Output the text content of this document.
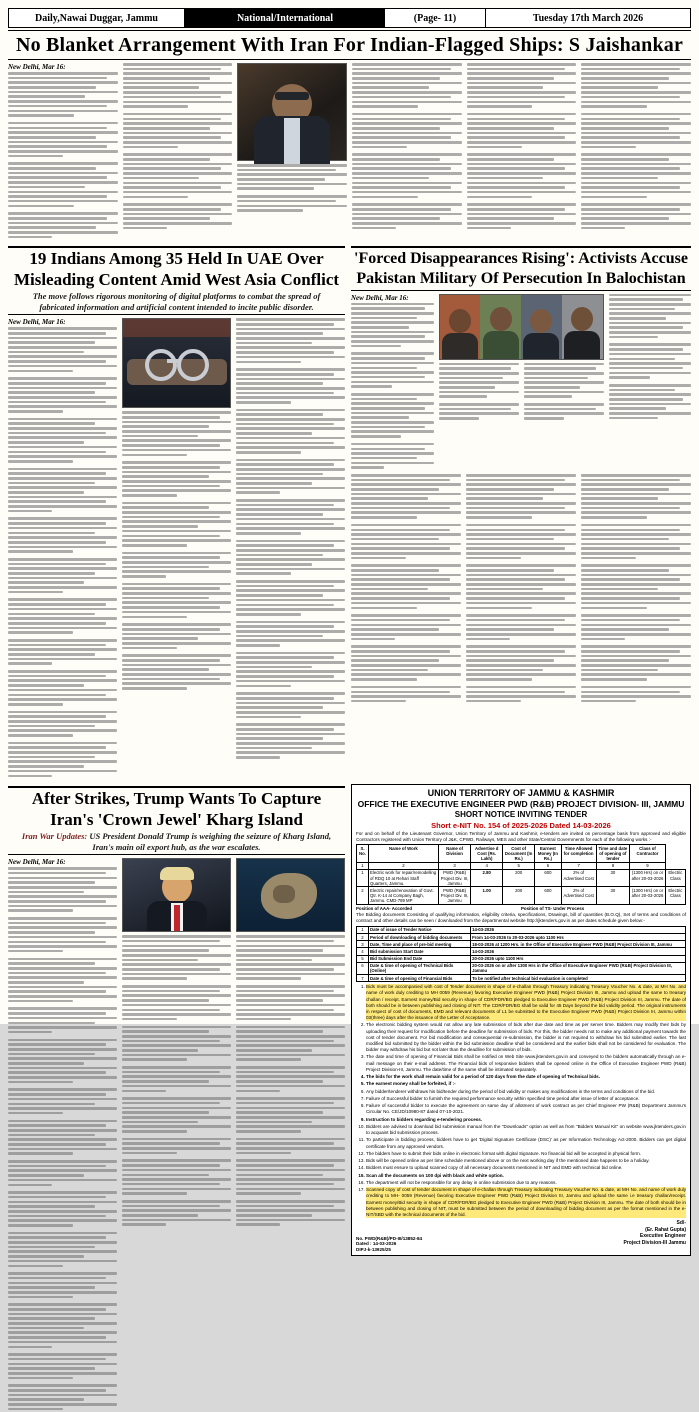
Daily,Nawai Duggar, Jammu	National/International	(Page- 11)	Tuesday 17th March 2026
No Blanket Arrangement With Iran For Indian-Flagged Ships: S Jaishankar
New Delhi, Mar 16:
19 Indians Among 35 Held In UAE Over
Misleading Content Amid West Asia Conflict
The move follows rigorous monitoring of digital platforms to combat the spread of fabricated information and artificial content intended to incite public disorder.
New Delhi, Mar 16:
'Forced Disappearances Rising': Activists Accuse
Pakistan Military Of Persecution In Balochistan
New Delhi, Mar 16:
After Strikes, Trump Wants To Capture
Iran's 'Crown Jewel' Kharg Island
Iran War Updates: US President Donald Trump is weighing the seizure of Kharg Island, Iran's main oil export hub, as the war escalates.
New Delhi, Mar 16:
UNION TERRITORY OF JAMMU & KASHMIR
OFFICE THE EXECUTIVE ENGINEER PWD (R&B) PROJECT DIVISION- III, JAMMU
SHORT NOTICE INVITING TENDER
Short e-NIT No. 154 of 2025-2026 Dated 14-03-2026
For and on behalf of the Lieutenant Governor, Union Territory of Jammu and Kashmir, e-tenders are invited on percentage basis from approved and eligible Contractors registered with Union Territory of J&K, CPWD, Railways, MES and other State/Central Governments for each of the following works :-
S. No.	Name of Work	Name of Division	Advertise d Cost (Rs. Lakh)	Cost of Document (In Rs.)	Earnest Money (In Rs.)	Time Allowed for completion	Time and date of opening of tender	Class of Contractor	
1	2	3	4	5	6	7	8	9	
1	Electric work for repair/remodelling of RDQ 10 at Rehari Staff Quarters, Jammu.	PWD (R&B) Project Div. III, Jammu	2.80	200	600	2% of Advertised Cost	30	(1300 Hrs) on or after 20-03-2026	Electric Class
2	Electric repair/renovation of Govt. Qtr. K-14 at Company Bagh, Jammu. CMD-789 MP	PWD (R&B) Project Div. III, Jammu	1.00	200	600	2% of Advertised Cost	30	(1300 Hrs) on or after 20-03-2026	Electric Class
Position of AAA- Accorded	Position of TS- Under Process
The Bidding documents Consisting of qualifying information, eligibility criteria, specifications, Drawings, bill of quantities (B.O.Q), Set of terms and conditions of contract and other details can be seen / downloaded from the departmental website http://jktenders.gov.in as per dates schedule given below:-
1	Date of issue of Tender Notice	14-03-2026
2	Period of downloading of bidding documents	From 14-03-2026 to 20-03-2026 upto 1100 Hrs
3	Date, Time and place of pre-bid meeting	18-03-2026 at 1200 Hrs. in the Office of Executive Engineer PWD (R&B) Project Division III, Jammu
4	Bid submission Start Date	14-03-2026
5	Bid Submission End Date	20-03-2026 upto 1100 Hrs
6	Date & time of opening of Technical Bids (Online)	20-03-2026 on or after 1300 Hrs in the Office of Executive Engineer PWD (R&B) Project Division III, Jammu
7	Date & time of opening of Financial Bids	To be notified after technical bid evaluation is completed
1. Bids must be accompanied with cost of Tender document in shape of e-challan through Treasury indicating Treasury Voucher No. & date, at MH No. and name of work duly crediting to MH 0059 (Revenue) favoring Executive Engineer PWD (R&B) Project Division III, Jammu and upload the same to treasury challan / receipt. Earnest money/Bid security in shape of CDR/FDR/BG pledged to Executive Engineer PWD (R&B) Project Division III, Jammu. The date of both should be in between publishing and closing of NIT. The CDR/FDR/BG shall be valid for 45 Days beyond the bid validity period. The original instruments in respect of cost of documents, EMD and relevant documents of L1 be submitted to the Executive Engineer PWD (R&B) Project Division III, Jammu within 03(three) days after the issuance of the Letter of Acceptance.
2. The electronic bidding system would not allow any late submission of bids after due date and time as per server time. Bidders may modify their bids by uploading their request for modification before the deadline for submission of bids. For this, the bidder needs not to make any additional payment towards the cost of tender document. For bid modification and consequential re-submission, the bidder is not required to withdraw his bid submitted earlier. The last modified bid submitted by the bidder within the bid submission deadline shall be considered and the earlier bids shall not be considered for evaluation. The bidder may withdraw his bid but not later than the deadline for submission of bids.
3. The date and time of opening of Financial Bids shall be notified on Web Site www.jktenders.gov.in and conveyed to the bidders automatically through an e-mail message on their e-mail address. The Financial bids of responsive bidders shall be opened online in the Office of Executive Engineer PWD (R&B) Project Division-III, Jammu. The date/time of the same shall be intimated separately.
4. The bids for the work shall remain valid for a period of 120 days from the date of opening of Technical bids.
5. The earnest money shall be forfeited, if :-
6. Any bidder/tenderer withdraws his bid/tender during the period of bid validity or makes any modifications in the terms and conditions of the bid.
7. Failure of Successful bidder to furnish the required performance security within specified time period after issue of letter of acceptance.
8. Failure of successful bidder to execute the agreement on same day of allotment of work contract as per Chief Engineer PW (R&B) Department Jammu's Circular No. CE/JD/10980-87 dated 07-10-2021.
9. Instruction to bidders regarding e-tendering process.
10. Bidders are advised to download bid submission manual from the "Downloads" option as well as from "Bidders Manual Kit" on website www.jktenders.gov.in to acquaint bid submission process.
11. To participate in bidding process, bidders have to get 'Digital Signature Certificate (DSC)' as per Information Technology Act-2000. Bidders can get digital certificate from any approved vendors.
12. The bidders have to submit their bids online in electronic format with digital Signature. No financial bid will be accepted in physical form.
13. Bids will be opened online as per time schedule mentioned above or on the next working day if the mentioned date happens to be a holiday.
14. Bidders must ensure to upload scanned copy of all necessary documents mentioned in NIT and EMD with technical bid online.
15. Scan all the documents on 100 dpi with black and white option.
16. The department will not be responsible for any delay in online submission due to any reasons.
17. Scanned copy of cost of tender document in shape of e-challan through Treasury indicating Treasury Voucher No. & date, at MH No. and name of work duly crediting to MH- 0059 (Revenue) favoring Executive Engineer PWD (R&B) Project Division III, Jammu and upload the same i.e treasury challan/receipt. Earnest money/Bid security in shape of CDR/FDR/BG pledged to Executive Engineer PWD (R&B) Project Division III, Jammu. The date of both should be in between publishing and closing of NIT, must be submitted between the period of downloading of bidding document as per the format mentioned in the e-NIT/SBD with the technical documents of the bid.
No. PWD(R&B)/PD-III/13852-84
Dated : 14-03-2026
Sd/-
(Er. Rahat Gupta)
Executive Engineer
Project Division-III Jammu
DIPJ-k-13925/25
